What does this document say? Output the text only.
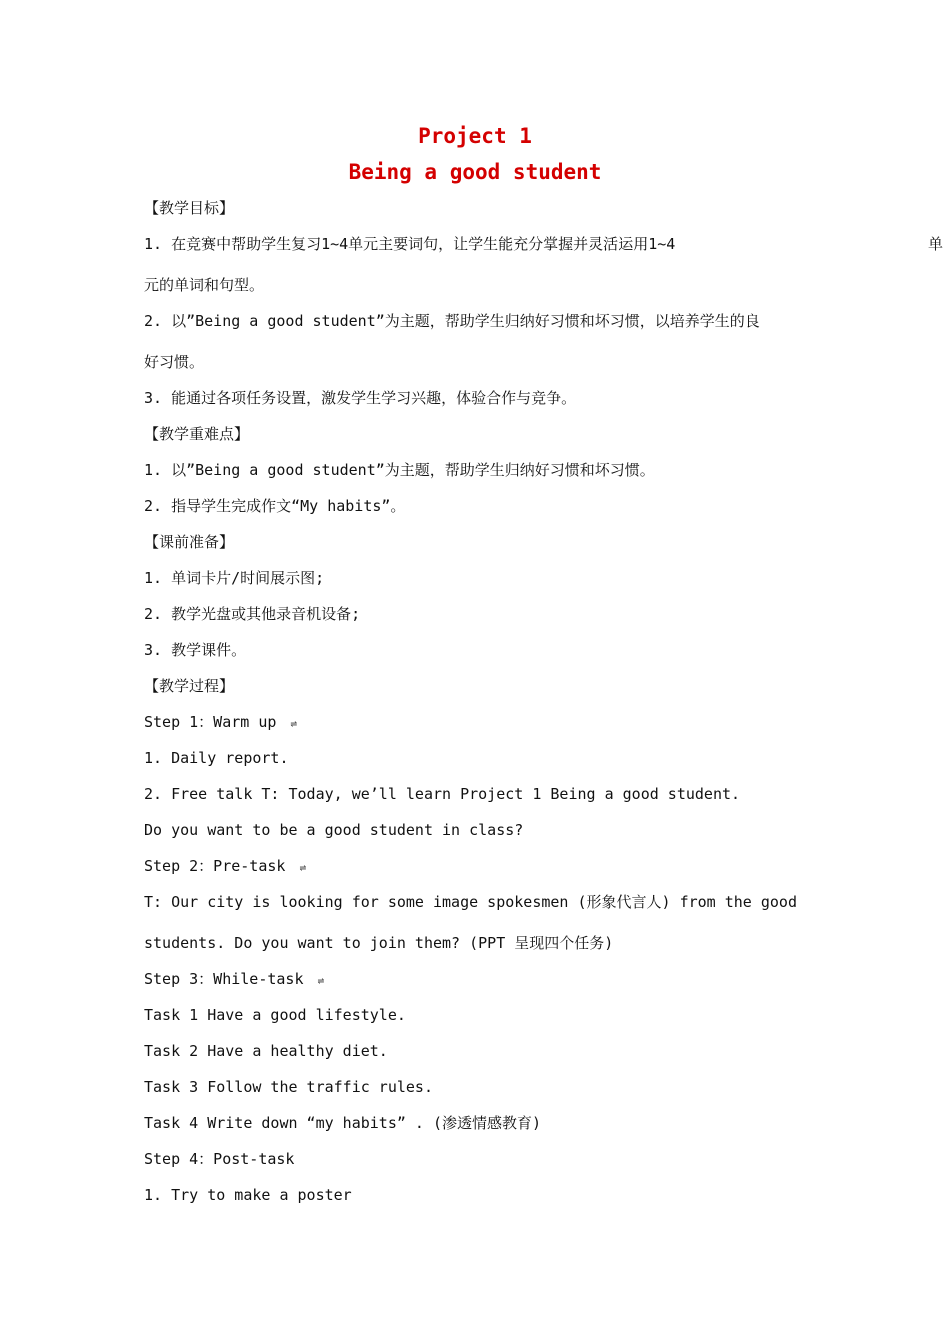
Project 1
Being a good student
【教学目标】
1. 在竞赛中帮助学生复习1~4单元主要词句，让学生能充分掌握并灵活运用1~4	单
元的单词和句型。
2. 以”Being a good student”为主题，帮助学生归纳好习惯和坏习惯，以培养学生的良
好习惯。
3. 能通过各项任务设置，激发学生学习兴趣，体验合作与竞争。
【教学重难点】
1. 以”Being a good student”为主题，帮助学生归纳好习惯和坏习惯。
2. 指导学生完成作文“My habits”。
【课前准备】
1. 单词卡片/时间展示图;
2. 教学光盘或其他录音机设备;
3. 教学课件。
【教学过程】
Step 1：Warm up ⇌
1. Daily report.
2. Free talk T: Today, we’ll learn Project 1 Being a good student.
Do you want to be a good student in class?
Step 2：Pre-task ⇌
T: Our city is looking for some image spokesmen (形象代言人) from the good
students. Do you want to join them? (PPT 呈现四个任务)
Step 3：While-task ⇌
Task 1 Have a good lifestyle.
Task 2 Have a healthy diet.
Task 3 Follow the traffic rules.
Task 4 Write down “my habits” . (渗透情感教育)
Step 4：Post-task
1. Try to make a poster
